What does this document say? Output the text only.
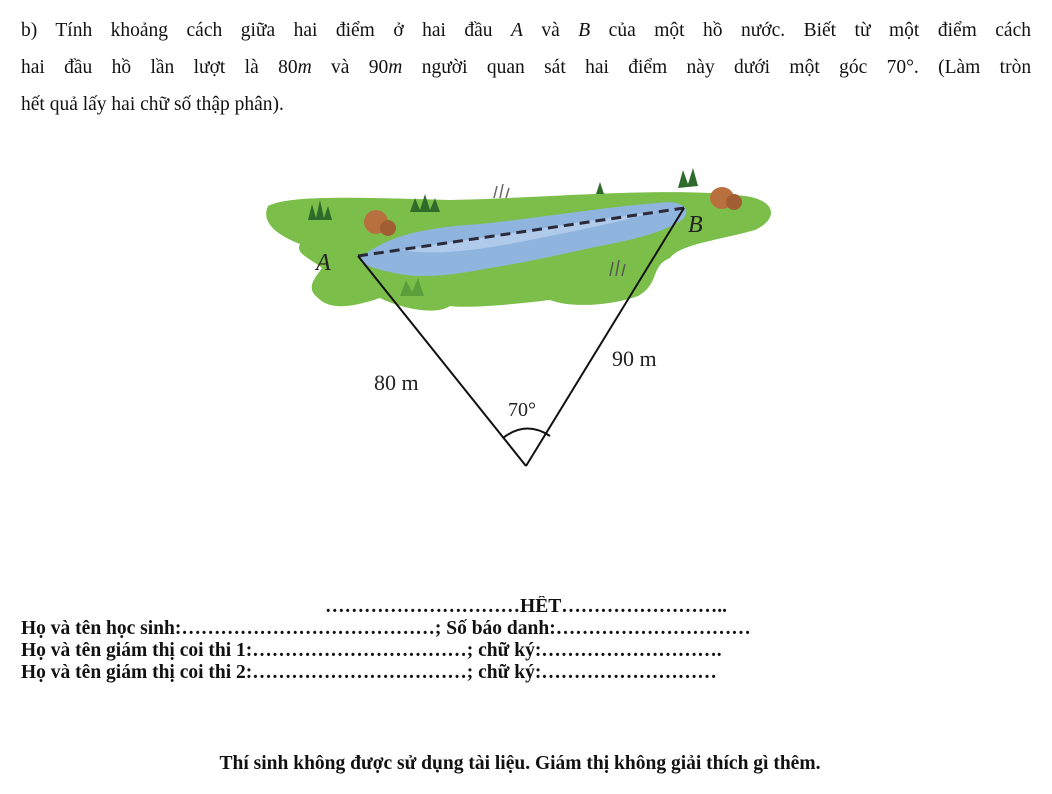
b) Tính khoảng cách giữa hai điểm ở hai đầu A và B của một hồ nước. Biết từ một điểm cách

hai đầu hồ lần lượt là 80m và 90m người quan sát hai điểm này dưới một góc 70°. (Làm tròn

hết quả lấy hai chữ số thập phân).

A
B
80 m
90 m
70°
…………………………HẾT……………………..
Họ và tên học sinh:…………………………………; Số báo danh:…………………………
Họ và tên giám thị coi thi 1:……………………………; chữ ký:……………………….
Họ và tên giám thị coi thi 2:……………………………; chữ ký:………………………
Thí sinh không được sử dụng tài liệu. Giám thị không giải thích gì thêm.
